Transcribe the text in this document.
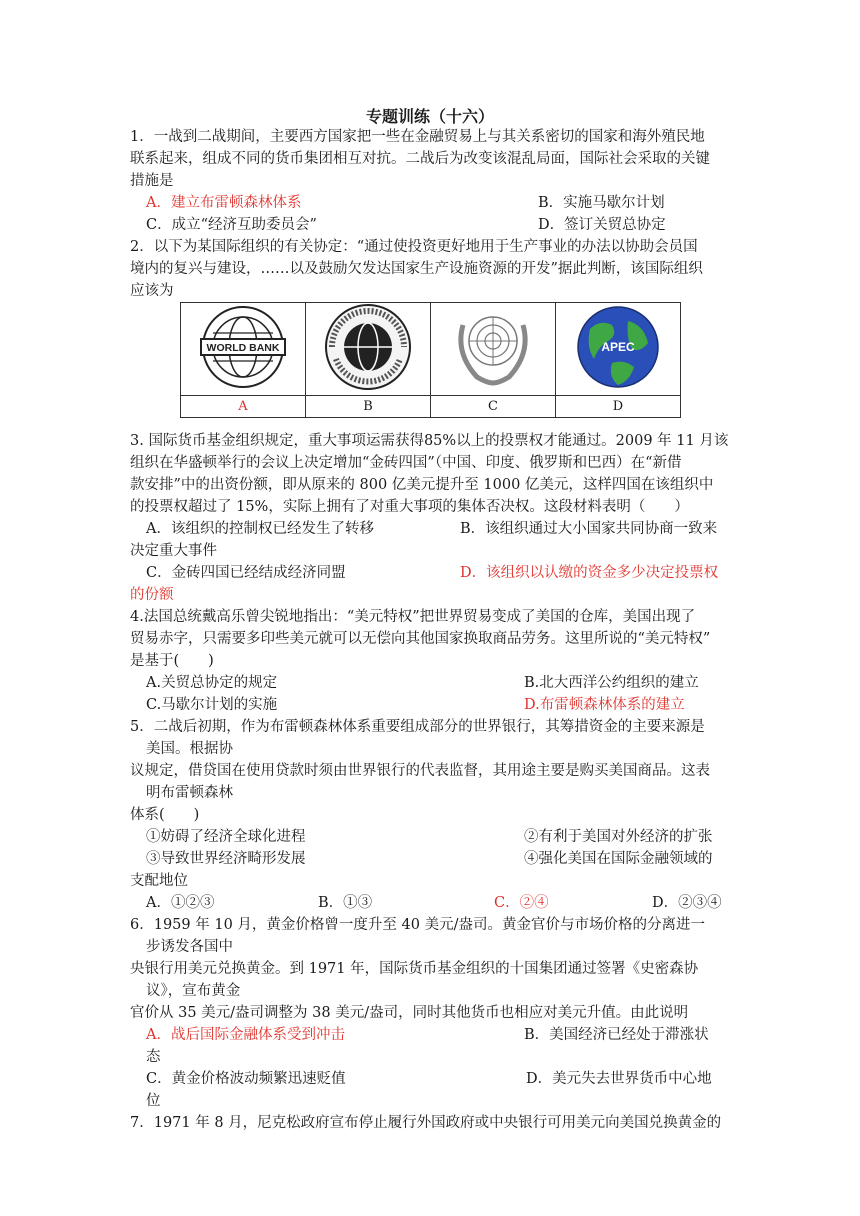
专题训练（十六）
1．一战到二战期间，主要西方国家把一些在金融贸易上与其关系密切的国家和海外殖民地
联系起来，组成不同的货币集团相互对抗。二战后为改变该混乱局面，国际社会采取的关键
措施是
A．建立布雷顿森林体系	B．实施马歇尔计划
C．成立“经济互助委员会”	D．签订关贸总协定
2．以下为某国际组织的有关协定：“通过使投资更好地用于生产事业的办法以协助会员国
境内的复兴与建设，……以及鼓励欠发达国家生产设施资源的开发”据此判断，该国际组织
应该为
WORLD BANK			APEC

A	B	C	D
3. 国际货币基金组织规定，重大事项运需获得85%以上的投票权才能通过。2009 年 11 月该
组织在华盛顿举行的会议上决定增加“金砖四国”（中国、印度、俄罗斯和巴西）在“新借
款安排”中的出资份额，即从原来的 800 亿美元提升至 1000 亿美元，这样四国在该组织中
的投票权超过了 15%，实际上拥有了对重大事项的集体否决权。这段材料表明（　　）
A．该组织的控制权已经发生了转移	B．该组织通过大小国家共同协商一致来
决定重大事件
C．金砖四国已经结成经济同盟	D．该组织以认缴的资金多少决定投票权
的份额
4.法国总统戴高乐曾尖锐地指出：“美元特权”把世界贸易变成了美国的仓库，美国出现了
贸易赤字，只需要多印些美元就可以无偿向其他国家换取商品劳务。这里所说的“美元特权”
是基于(　　)
A.关贸总协定的规定	B.北大西洋公约组织的建立
C.马歇尔计划的实施	D.布雷顿森林体系的建立
5．二战后初期，作为布雷顿森林体系重要组成部分的世界银行，其筹措资金的主要来源是
美国。根据协
议规定，借贷国在使用贷款时须由世界银行的代表监督，其用途主要是购买美国商品。这表
明布雷顿森林
体系(　　)
①妨碍了经济全球化进程	②有利于美国对外经济的扩张
③导致世界经济畸形发展	④强化美国在国际金融领域的
支配地位
A．①②③	B．①③	C．②④	D．②③④
6．1959 年 10 月，黄金价格曾一度升至 40 美元/盎司。黄金官价与市场价格的分离进一
步诱发各国中
央银行用美元兑换黄金。到 1971 年，国际货币基金组织的十国集团通过签署《史密森协
议》，宣布黄金
官价从 35 美元/盎司调整为 38 美元/盎司，同时其他货币也相应对美元升值。由此说明
A．战后国际金融体系受到冲击	B．美国经济已经处于滞涨状
态
C．黄金价格波动频繁迅速贬值	D．美元失去世界货币中心地
位
7．1971 年 8 月，尼克松政府宣布停止履行外国政府或中央银行可用美元向美国兑换黄金的
